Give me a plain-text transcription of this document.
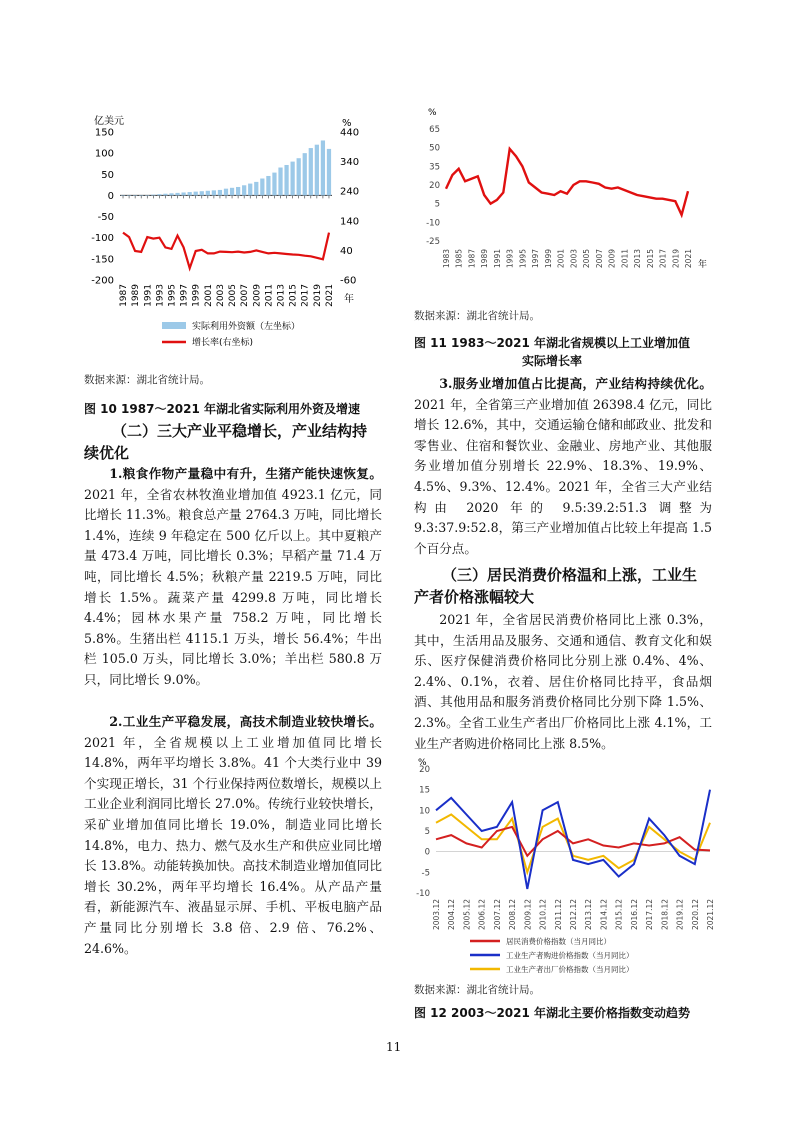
150
100
50
0
-50
-100
-150
-200
440
340
240
140
40
-60
1987 1989 1991 1993 1995 1997 1999 2001 2003 2005 2007 2009 2011 2013 2015 2017 2019 2021
亿美元	%
年
实际利用外资额（左坐标）
增长率(右坐标)
数据来源：湖北省统计局。
图 10 1987～2021 年湖北省实际利用外资及增速
65
50
35
20
5
-10
-25
1983 1985 1987 1989 1991 1993 1995 1997 1999 2001 2003 2005 2007 2009 2011 2013 2015 2017 2019 2021
%
年
数据来源：湖北省统计局。
图 11 1983～2021 年湖北省规模以上工业增加值
实际增长率
3.服务业增加值占比提高，产业结构持续优化。2021 年，全省第三产业增加值 26398.4 亿元，同比增长 12.6%，其中，交通运输仓储和邮政业、批发和零售业、住宿和餐饮业、金融业、房地产业、其他服务业增加值分别增长 22.9%、18.3%、19.9%、4.5%、9.3%、12.4%。2021 年，全省三大产业结构由 2020 年的 9.5:39.2:51.3 调整为 9.3:37.9:52.8，第三产业增加值占比较上年提高 1.5 个百分点。
（三）居民消费价格温和上涨，工业生
产者价格涨幅较大
2021 年，全省居民消费价格同比上涨 0.3%，其中，生活用品及服务、交通和通信、教育文化和娱乐、医疗保健消费价格同比分别上涨 0.4%、4%、2.4%、0.1%，衣着、居住价格同比持平，食品烟酒、其他用品和服务消费价格同比分别下降 1.5%、2.3%。全省工业生产者出厂价格同比上涨 4.1%，工业生产者购进价格同比上涨 8.5%。
20
15
10
5
0
-5
-10
2003.12 2004.12 2005.12 2006.12 2007.12 2008.12 2009.12 2010.12 2011.12 2012.12 2013.12 2014.12 2015.12 2016.12 2017.12 2018.12 2019.12 2020.12 2021.12
居民消费价格指数（当月同比）
工业生产者购进价格指数（当月同比）
工业生产者出厂价格指数（当月同比）
%
数据来源：湖北省统计局。
图 12 2003～2021 年湖北主要价格指数变动趋势
（二）三大产业平稳增长，产业结构持
续优化
1.粮食作物产量稳中有升，生猪产能快速恢复。2021 年，全省农林牧渔业增加值 4923.1 亿元，同比增长 11.3%。粮食总产量 2764.3 万吨，同比增长 1.4%，连续 9 年稳定在 500 亿斤以上。其中夏粮产量 473.4 万吨，同比增长 0.3%；早稻产量 71.4 万吨，同比增长 4.5%；秋粮产量 2219.5 万吨，同比增长 1.5%。蔬菜产量 4299.8 万吨，同比增长 4.4%；园林水果产量 758.2 万吨，同比增长 5.8%。生猪出栏 4115.1 万头，增长 56.4%；牛出栏 105.0 万头，同比增长 3.0%；羊出栏 580.8 万只，同比增长 9.0%。
2.工业生产平稳发展，高技术制造业较快增长。2021 年，全省规模以上工业增加值同比增长 14.8%，两年平均增长 3.8%。41 个大类行业中 39 个实现正增长，31 个行业保持两位数增长，规模以上工业企业利润同比增长 27.0%。传统行业较快增长，采矿业增加值同比增长 19.0%，制造业同比增长 14.8%，电力、热力、燃气及水生产和供应业同比增长 13.8%。动能转换加快。高技术制造业增加值同比增长 30.2%，两年平均增长 16.4%。从产品产量看，新能源汽车、液晶显示屏、手机、平板电脑产品产量同比分别增长 3.8 倍、2.9 倍、76.2%、24.6%。
11
